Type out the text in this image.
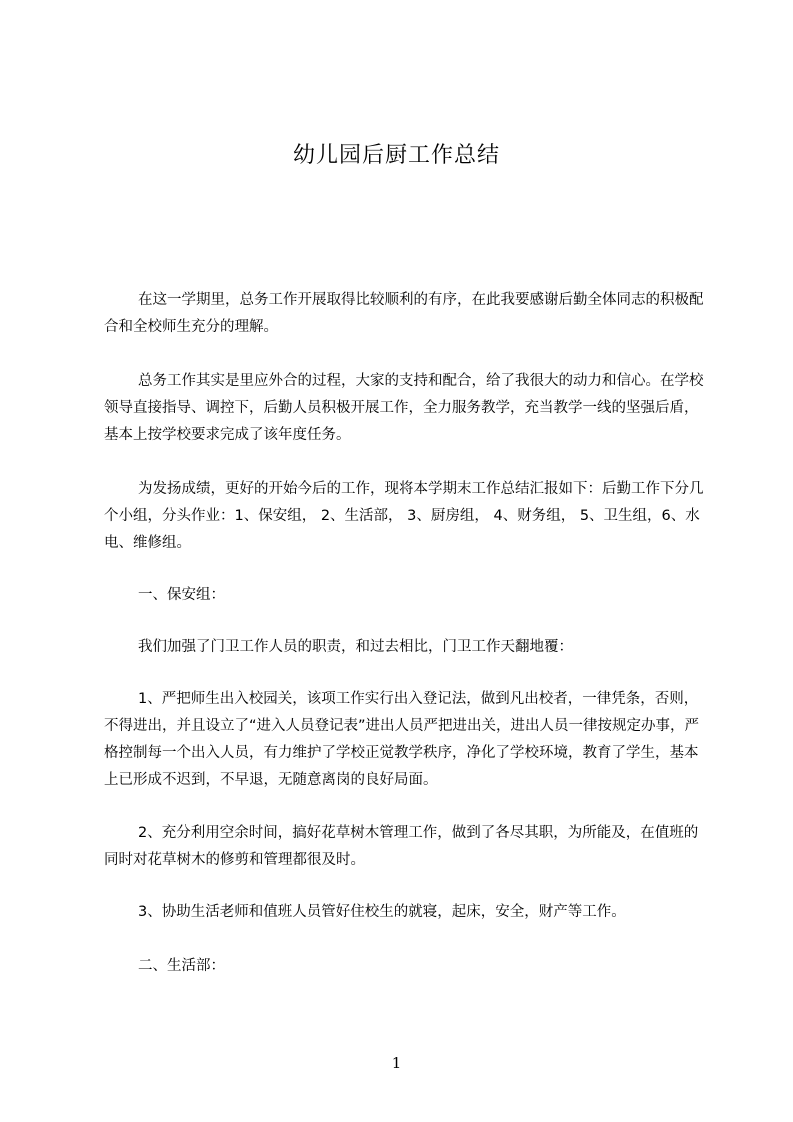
幼儿园后厨工作总结

在这一学期里，总务工作开展取得比较顺利的有序，在此我要感谢后勤全体同志的积极配合和全校师生充分的理解。

总务工作其实是里应外合的过程，大家的支持和配合，给了我很大的动力和信心。在学校领导直接指导、调控下，后勤人员积极开展工作，全力服务教学，充当教学一线的坚强后盾，基本上按学校要求完成了该年度任务。

为发扬成绩，更好的开始今后的工作，现将本学期末工作总结汇报如下：后勤工作下分几个小组，分头作业：1、保安组， 2、生活部， 3、厨房组， 4、财务组， 5、卫生组，6、水电、维修组。

一、保安组：

我们加强了门卫工作人员的职责，和过去相比，门卫工作天翻地覆：

1、严把师生出入校园关，该项工作实行出入登记法，做到凡出校者，一律凭条，否则，不得进出，并且设立了“进入人员登记表”进出人员严把进出关，进出人员一律按规定办事，严格控制每一个出入人员，有力维护了学校正觉教学秩序，净化了学校环境，教育了学生，基本上已形成不迟到，不早退，无随意离岗的良好局面。

2、充分利用空余时间，搞好花草树木管理工作，做到了各尽其职，为所能及，在值班的同时对花草树木的修剪和管理都很及时。

3、协助生活老师和值班人员管好住校生的就寝，起床，安全，财产等工作。

二、生活部：

1
